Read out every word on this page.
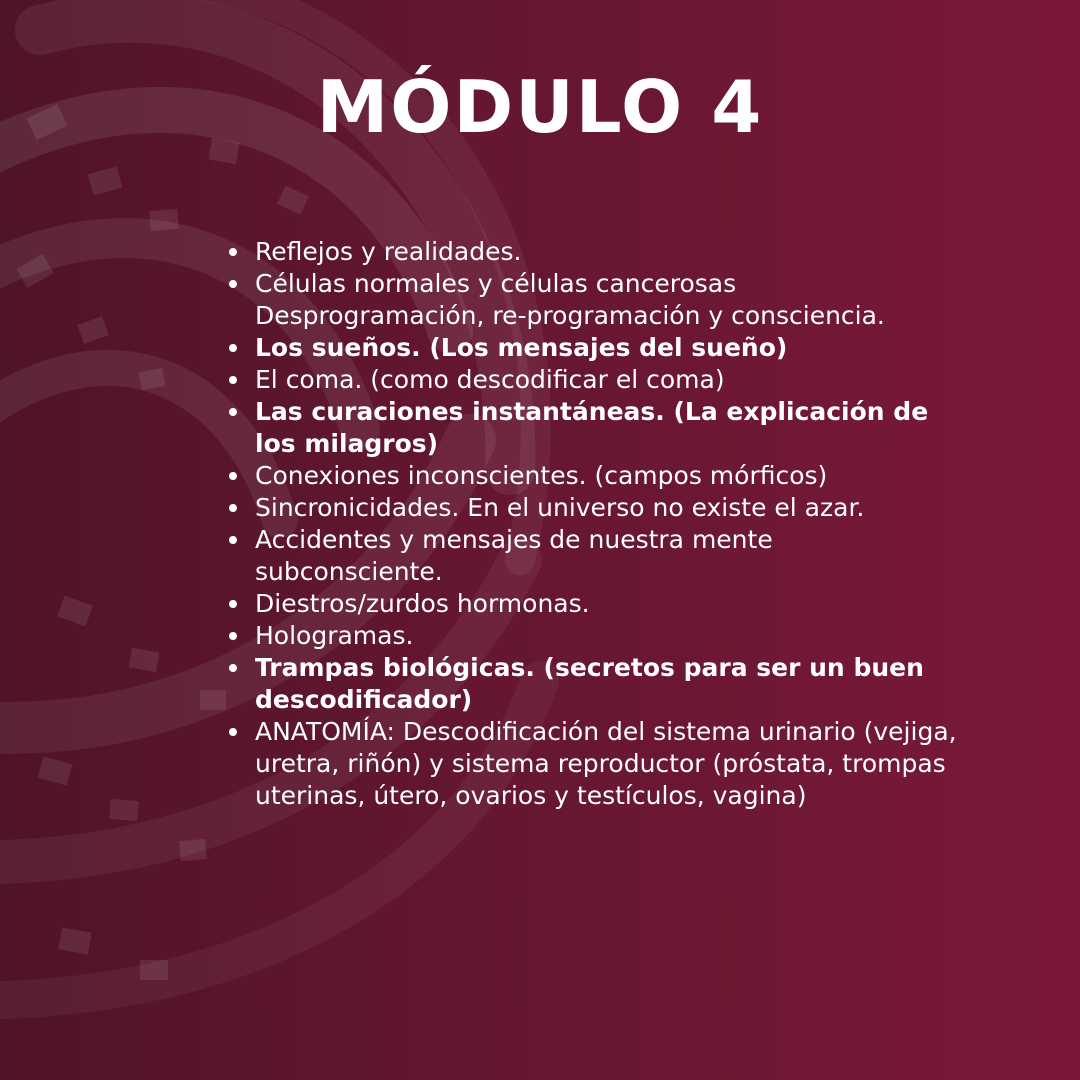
MÓDULO 4
Reflejos y realidades.
Células normales y células cancerosas Desprogramación, re-programación y consciencia.
Los sueños. (Los mensajes del sueño)
El coma. (como descodificar el coma)
Las curaciones instantáneas. (La explicación de los milagros)
Conexiones inconscientes. (campos mórficos)
Sincronicidades. En el universo no existe el azar.
Accidentes y mensajes de nuestra mente subconsciente.
Diestros/zurdos hormonas.
Hologramas.
Trampas biológicas. (secretos para ser un buen descodificador)
ANATOMÍA: Descodificación del sistema urinario (vejiga, uretra, riñón) y sistema reproductor (próstata, trompas uterinas, útero, ovarios y testículos, vagina)
